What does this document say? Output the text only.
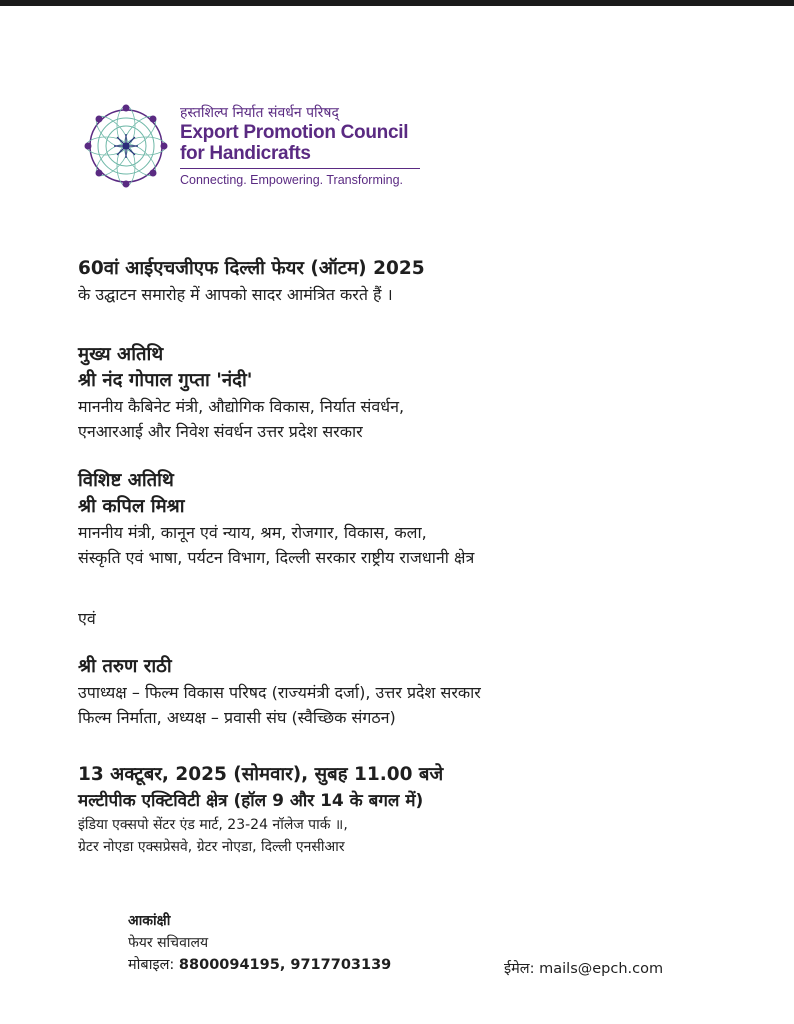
हस्तशिल्प निर्यात संवर्धन परिषद्
Export Promotion Council
for Handicrafts
Connecting. Empowering. Transforming.
60वां आईएचजीएफ दिल्ली फेयर (ऑटम) 2025
के उद्घाटन समारोह में आपको सादर आमंत्रित करते हैं ।
मुख्य अतिथि
श्री नंद गोपाल गुप्ता 'नंदी'
माननीय कैबिनेट मंत्री, औद्योगिक विकास, निर्यात संवर्धन,
एनआरआई और निवेश संवर्धन उत्तर प्रदेश सरकार
विशिष्ट अतिथि
श्री कपिल मिश्रा
माननीय मंत्री, कानून एवं न्याय, श्रम, रोजगार, विकास, कला,
संस्कृति एवं भाषा, पर्यटन विभाग, दिल्ली सरकार राष्ट्रीय राजधानी क्षेत्र
एवं
श्री तरुण राठी
उपाध्यक्ष – फिल्म विकास परिषद (राज्यमंत्री दर्जा), उत्तर प्रदेश सरकार
फिल्म निर्माता, अध्यक्ष – प्रवासी संघ (स्वैच्छिक संगठन)
13 अक्टूबर, 2025 (सोमवार), सुबह 11.00 बजे
मल्टीपीक एक्टिविटी क्षेत्र (हॉल 9 और 14 के बगल में)
इंडिया एक्सपो सेंटर एंड मार्ट, 23-24 नॉलेज पार्क ॥,
ग्रेटर नोएडा एक्सप्रेसवे, ग्रेटर नोएडा, दिल्ली एनसीआर
आकांक्षी
फेयर सचिवालय
मोबाइल: 8800094195, 9717703139	ईमेल: mails@epch.com
